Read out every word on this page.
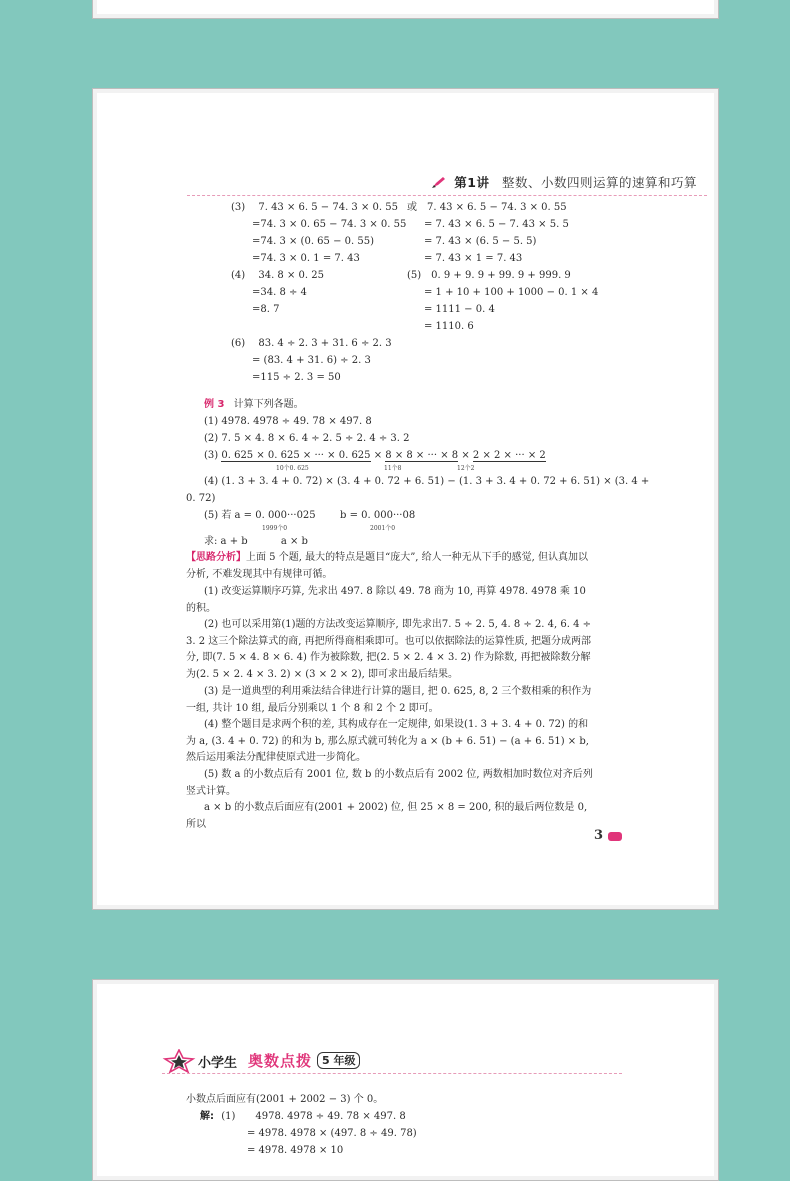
第1讲 整数、小数四则运算的速算和巧算
(3)　 7. 43 × 6. 5 − 74. 3 × 0. 55
=74. 3 × 0. 65 − 74. 3 × 0. 55
=74. 3 × (0. 65 − 0. 55)
=74. 3 × 0. 1 = 7. 43
或　7. 43 × 6. 5 − 74. 3 × 0. 55
= 7. 43 × 6. 5 − 7. 43 × 5. 5
= 7. 43 × (6. 5 − 5. 5)
= 7. 43 × 1 = 7. 43
(4)　 34. 8 × 0. 25
=34. 8 ÷ 4
=8. 7
(5)　0. 9 + 9. 9 + 99. 9 + 999. 9
= 1 + 10 + 100 + 1000 − 0. 1 × 4
= 1111 − 0. 4
= 1110. 6
(6)　 83. 4 ÷ 2. 3 + 31. 6 ÷ 2. 3
= (83. 4 + 31. 6) ÷ 2. 3
=115 ÷ 2. 3 = 50
例 3 计算下列各题。
(1) 4978. 4978 ÷ 49. 78 × 497. 8
(2) 7. 5 × 4. 8 × 6. 4 ÷ 2. 5 ÷ 2. 4 ÷ 3. 2
(3) 0. 625 × 0. 625 × ··· × 0. 625 × 8 × 8 × ··· × 8 × 2 × 2 × ··· × 2
10个0. 625	11个8	12个2
(4) (1. 3 + 3. 4 + 0. 72) × (3. 4 + 0. 72 + 6. 51) − (1. 3 + 3. 4 + 0. 72 + 6. 51) × (3. 4 +
0. 72)
(5) 若 a = 0. 000···025 b = 0. 000···08
1999个0	2001个0
求: a + b　　　 a × b
【思路分析】上面 5 个题, 最大的特点是题目“庞大”, 给人一种无从下手的感觉, 但认真加以分析, 不难发现其中有规律可循。
(1) 改变运算顺序巧算, 先求出 497. 8 除以 49. 78 商为 10, 再算 4978. 4978 乘 10 的积。
(2) 也可以采用第(1)题的方法改变运算顺序, 即先求出7. 5 ÷ 2. 5, 4. 8 ÷ 2. 4, 6. 4 ÷ 3. 2 这三个除法算式的商, 再把所得商相乘即可。也可以依据除法的运算性质, 把题分成两部分, 即(7. 5 × 4. 8 × 6. 4) 作为被除数, 把(2. 5 × 2. 4 × 3. 2) 作为除数, 再把被除数分解为(2. 5 × 2. 4 × 3. 2) × (3 × 2 × 2), 即可求出最后结果。
(3) 是一道典型的利用乘法结合律进行计算的题目, 把 0. 625, 8, 2 三个数相乘的积作为一组, 共计 10 组, 最后分别乘以 1 个 8 和 2 个 2 即可。
(4) 整个题目是求两个积的差, 其构成存在一定规律, 如果设(1. 3 + 3. 4 + 0. 72) 的和为 a, (3. 4 + 0. 72) 的和为 b, 那么原式就可转化为 a × (b + 6. 51) − (a + 6. 51) × b, 然后运用乘法分配律使原式进一步简化。
(5) 数 a 的小数点后有 2001 位, 数 b 的小数点后有 2002 位, 两数相加时数位对齐后列竖式计算。
a × b 的小数点后面应有(2001 + 2002) 位, 但 25 × 8 = 200, 积的最后两位数是 0, 所以
3
小学生 奥数点拨 5 年级
小数点后面应有(2001 + 2002 − 3) 个 0。
解: (1)　　4978. 4978 ÷ 49. 78 × 497. 8
= 4978. 4978 × (497. 8 ÷ 49. 78)
= 4978. 4978 × 10
